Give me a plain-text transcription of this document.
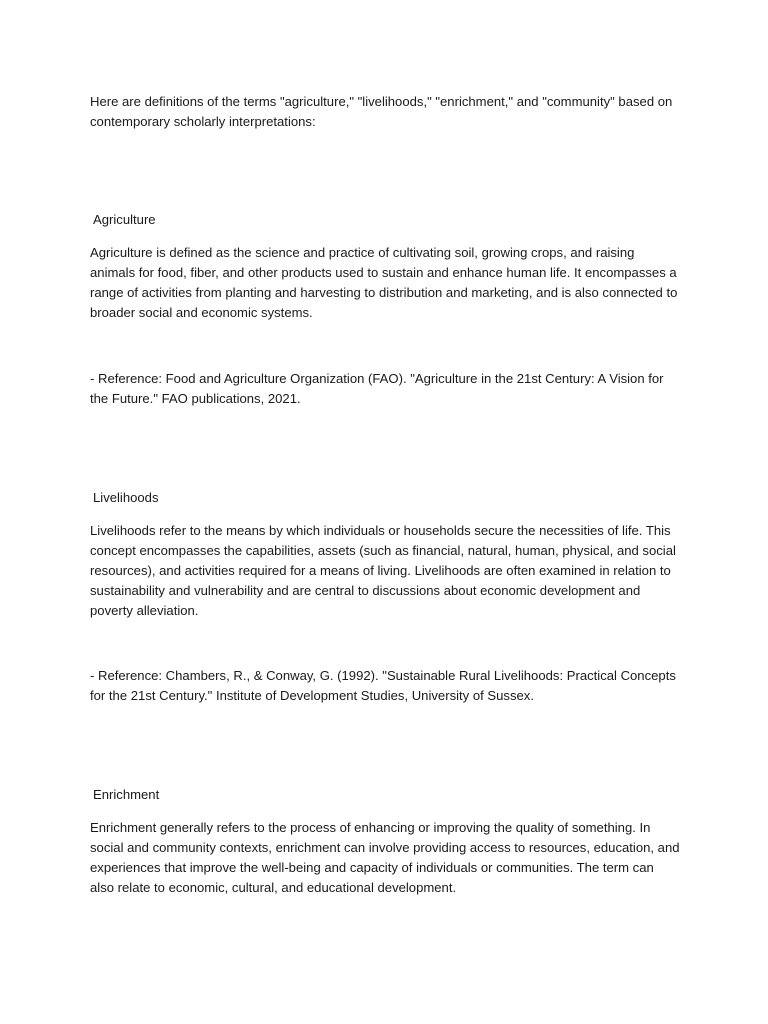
Here are definitions of the terms "agriculture," "livelihoods," "enrichment," and "community" based on contemporary scholarly interpretations:

Agriculture

Agriculture is defined as the science and practice of cultivating soil, growing crops, and raising animals for food, fiber, and other products used to sustain and enhance human life. It encompasses a range of activities from planting and harvesting to distribution and marketing, and is also connected to broader social and economic systems.

- Reference: Food and Agriculture Organization (FAO). "Agriculture in the 21st Century: A Vision for the Future." FAO publications, 2021.

Livelihoods

Livelihoods refer to the means by which individuals or households secure the necessities of life. This concept encompasses the capabilities, assets (such as financial, natural, human, physical, and social resources), and activities required for a means of living. Livelihoods are often examined in relation to sustainability and vulnerability and are central to discussions about economic development and poverty alleviation.

- Reference: Chambers, R., & Conway, G. (1992). "Sustainable Rural Livelihoods: Practical Concepts for the 21st Century." Institute of Development Studies, University of Sussex.

Enrichment

Enrichment generally refers to the process of enhancing or improving the quality of something. In social and community contexts, enrichment can involve providing access to resources, education, and experiences that improve the well-being and capacity of individuals or communities. The term can also relate to economic, cultural, and educational development.
